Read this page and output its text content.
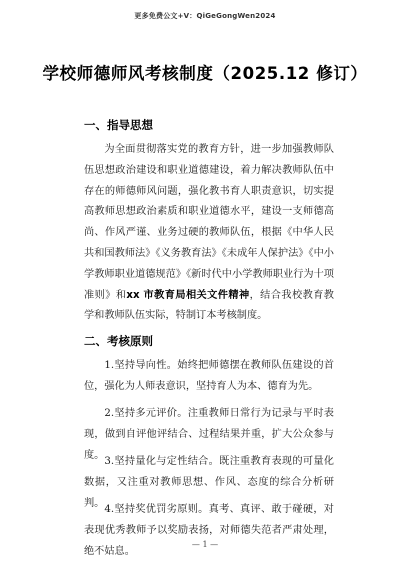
更多免费公文+V：QiGeGongWen2024
学校师德师风考核制度（2025.12 修订）
一、指导思想

为全面贯彻落实党的教育方针，进一步加强教师队伍思想政治建设和职业道德建设，着力解决教师队伍中存在的师德师风问题，强化教书育人职责意识，切实提高教师思想政治素质和职业道德水平，建设一支师德高尚、作风严谨、业务过硬的教师队伍，根据《中华人民共和国教师法》《义务教育法》《未成年人保护法》《中小学教师职业道德规范》《新时代中小学教师职业行为十项准则》和xx 市教育局相关文件精神，结合我校教育教学和教师队伍实际，特制订本考核制度。

二、考核原则

1.坚持导向性。始终把师德摆在教师队伍建设的首位，强化为人师表意识，坚持育人为本、德育为先。

2.坚持多元评价。注重教师日常行为记录与平时表现，做到自评他评结合、过程结果并重，扩大公众参与度。

3.坚持量化与定性结合。既注重教育表现的可量化数据，又注重对教师思想、作风、态度的综合分析研判。

4.坚持奖优罚劣原则。真考、真评、敢于碰硬，对表现优秀教师予以奖励表扬，对师德失范者严肃处理，绝不姑息。

— 1 —
